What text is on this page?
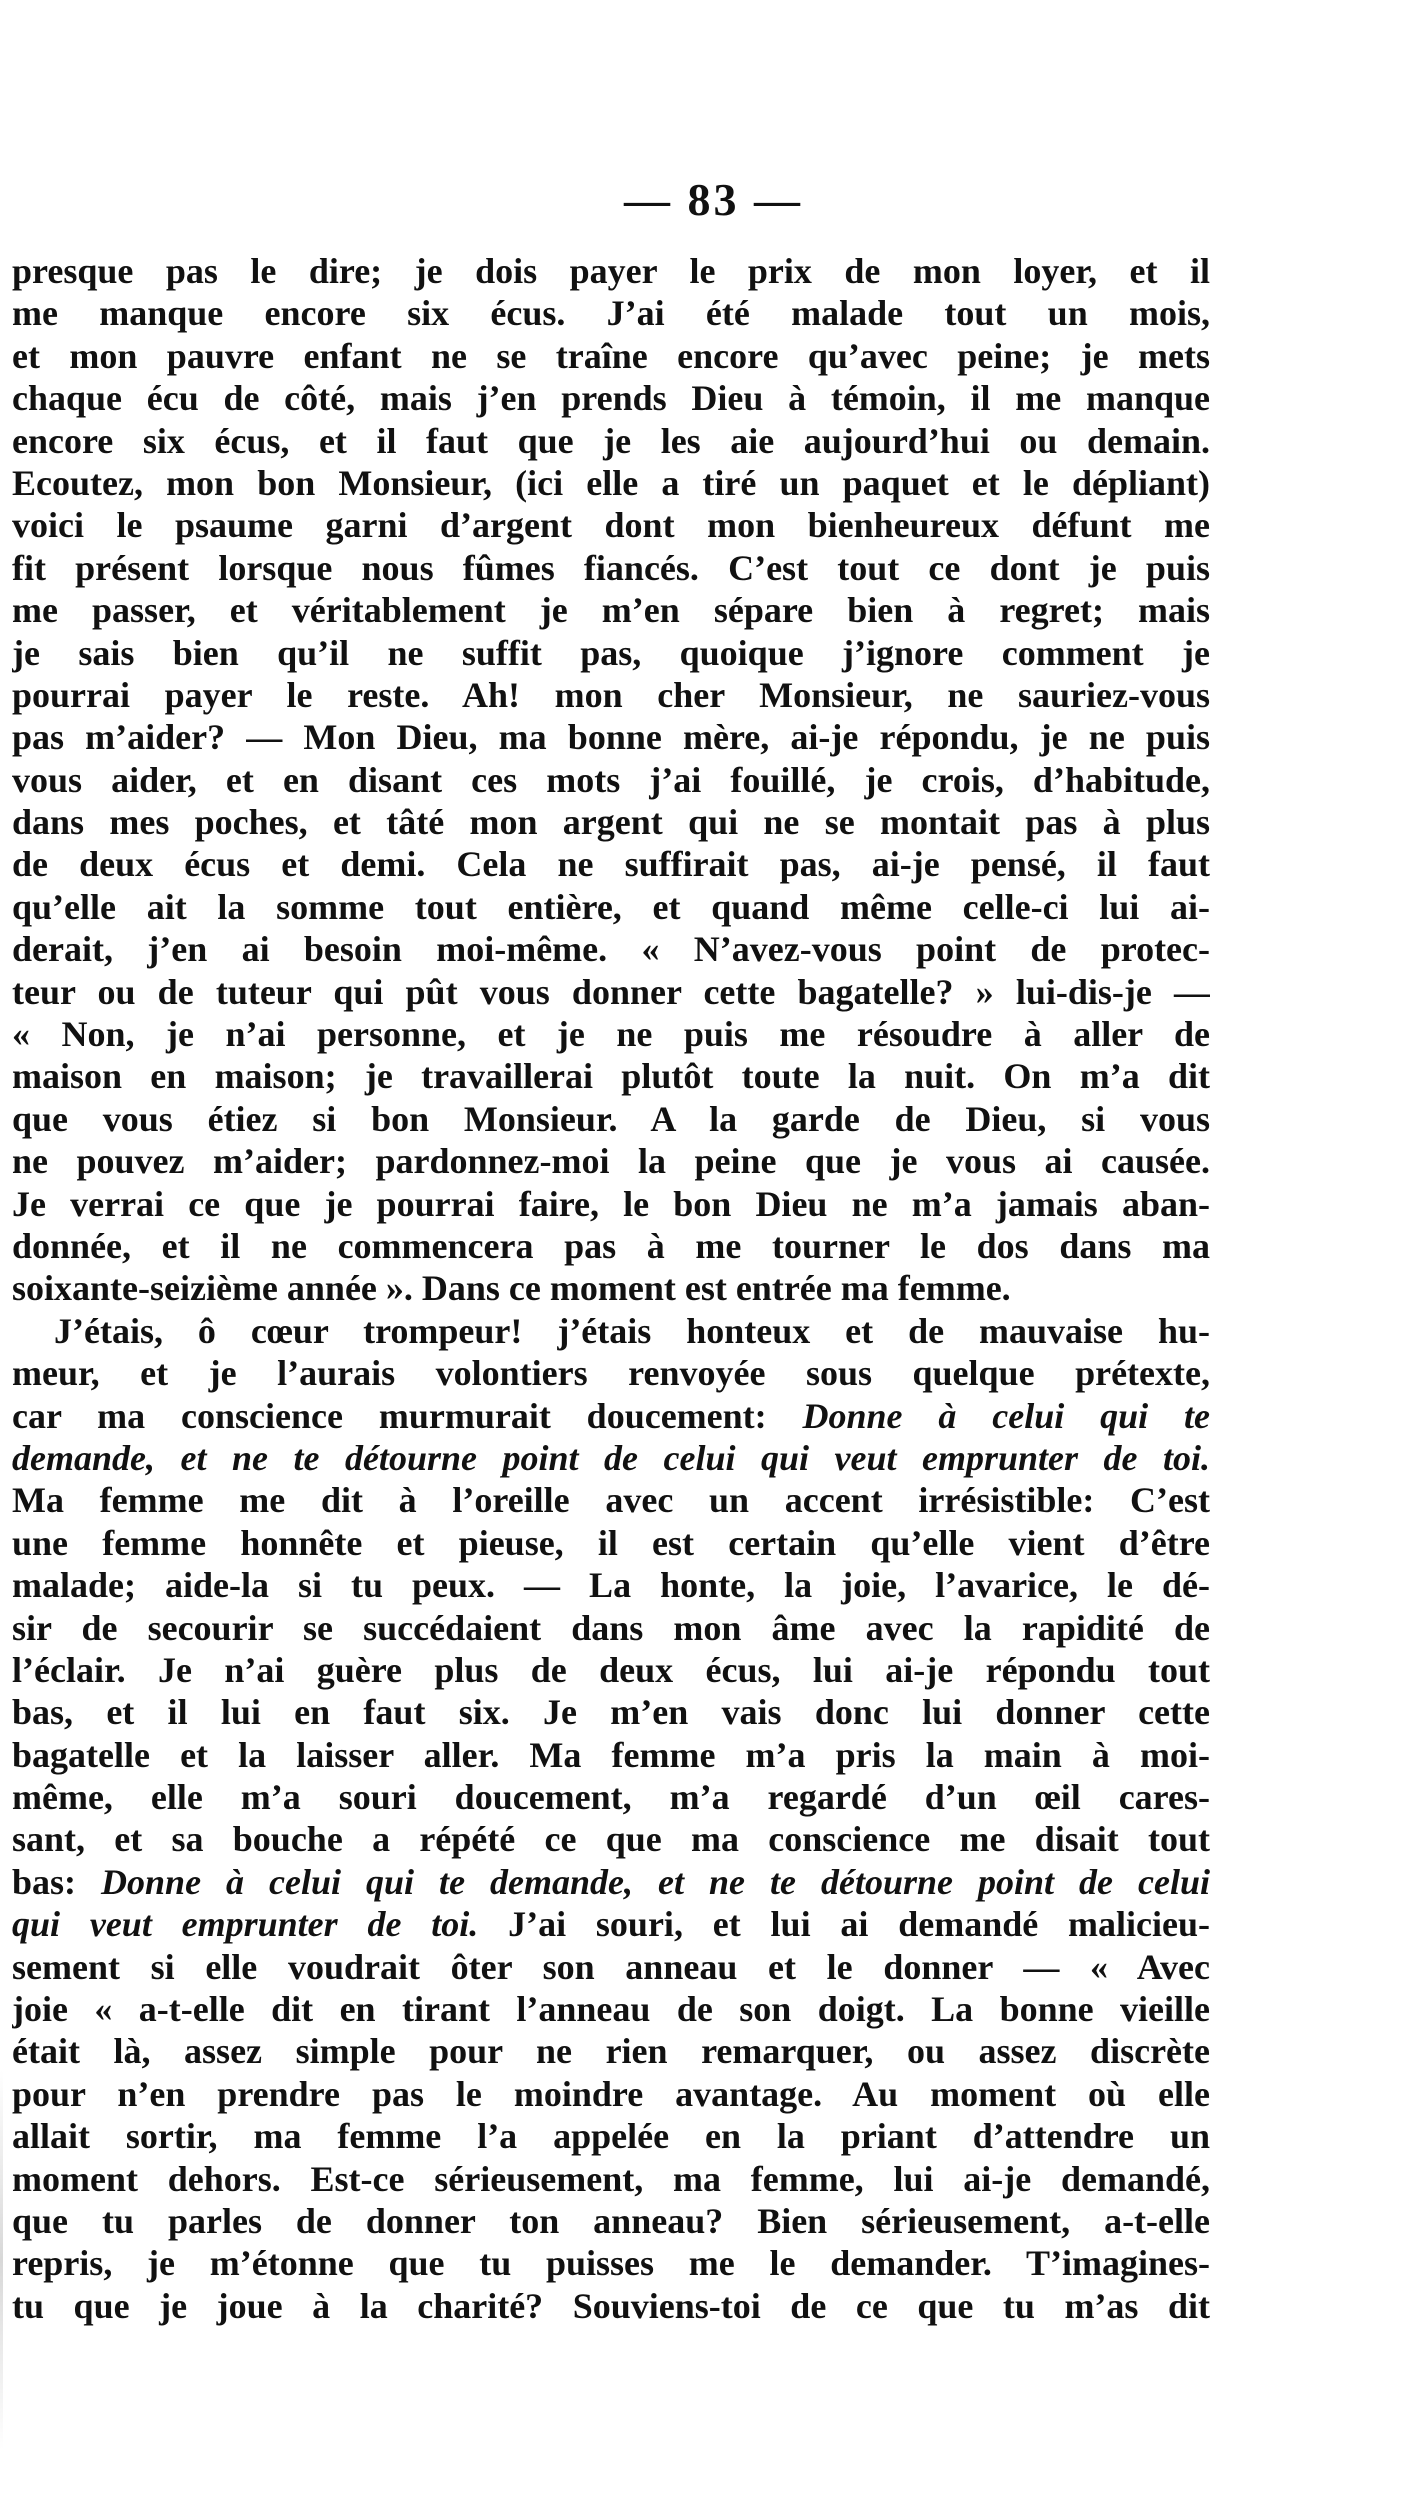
— 83 —
presque pas le dire; je dois payer le prix de mon loyer, et il
me manque encore six écus. J’ai été malade tout un mois,
et mon pauvre enfant ne se traîne encore qu’avec peine; je mets
chaque écu de côté, mais j’en prends Dieu à témoin, il me manque
encore six écus, et il faut que je les aie aujourd’hui ou demain.
Ecoutez, mon bon Monsieur, (ici elle a tiré un paquet et le dépliant)
voici le psaume garni d’argent dont mon bienheureux défunt me
fit présent lorsque nous fûmes fiancés. C’est tout ce dont je puis
me passer, et véritablement je m’en sépare bien à regret; mais
je sais bien qu’il ne suffit pas, quoique j’ignore comment je
pourrai payer le reste. Ah! mon cher Monsieur, ne sauriez-vous
pas m’aider? — Mon Dieu, ma bonne mère, ai-je répondu, je ne puis
vous aider, et en disant ces mots j’ai fouillé, je crois, d’habitude,
dans mes poches, et tâté mon argent qui ne se montait pas à plus
de deux écus et demi. Cela ne suffirait pas, ai-je pensé, il faut
qu’elle ait la somme tout entière, et quand même celle-ci lui ai-
derait, j’en ai besoin moi-même. « N’avez-vous point de protec-
teur ou de tuteur qui pût vous donner cette bagatelle? » lui-dis-je —
« Non, je n’ai personne, et je ne puis me résoudre à aller de
maison en maison; je travaillerai plutôt toute la nuit. On m’a dit
que vous étiez si bon Monsieur. A la garde de Dieu, si vous
ne pouvez m’aider; pardonnez-moi la peine que je vous ai causée.
Je verrai ce que je pourrai faire, le bon Dieu ne m’a jamais aban-
donnée, et il ne commencera pas à me tourner le dos dans ma
soixante-seizième année ». Dans ce moment est entrée ma femme.
J’étais, ô cœur trompeur! j’étais honteux et de mauvaise hu-
meur, et je l’aurais volontiers renvoyée sous quelque prétexte,
car ma conscience murmurait doucement: Donne à celui qui te
demande, et ne te détourne point de celui qui veut emprunter de toi.
Ma femme me dit à l’oreille avec un accent irrésistible: C’est
une femme honnête et pieuse, il est certain qu’elle vient d’être
malade; aide-la si tu peux. — La honte, la joie, l’avarice, le dé-
sir de secourir se succédaient dans mon âme avec la rapidité de
l’éclair. Je n’ai guère plus de deux écus, lui ai-je répondu tout
bas, et il lui en faut six. Je m’en vais donc lui donner cette
bagatelle et la laisser aller. Ma femme m’a pris la main à moi-
même, elle m’a souri doucement, m’a regardé d’un œil cares-
sant, et sa bouche a répété ce que ma conscience me disait tout
bas: Donne à celui qui te demande, et ne te détourne point de celui
qui veut emprunter de toi. J’ai souri, et lui ai demandé malicieu-
sement si elle voudrait ôter son anneau et le donner — « Avec
joie « a-t-elle dit en tirant l’anneau de son doigt. La bonne vieille
était là, assez simple pour ne rien remarquer, ou assez discrète
pour n’en prendre pas le moindre avantage. Au moment où elle
allait sortir, ma femme l’a appelée en la priant d’attendre un
moment dehors. Est-ce sérieusement, ma femme, lui ai-je demandé,
que tu parles de donner ton anneau? Bien sérieusement, a-t-elle
repris, je m’étonne que tu puisses me le demander. T’imagines-
tu que je joue à la charité? Souviens-toi de ce que tu m’as dit
